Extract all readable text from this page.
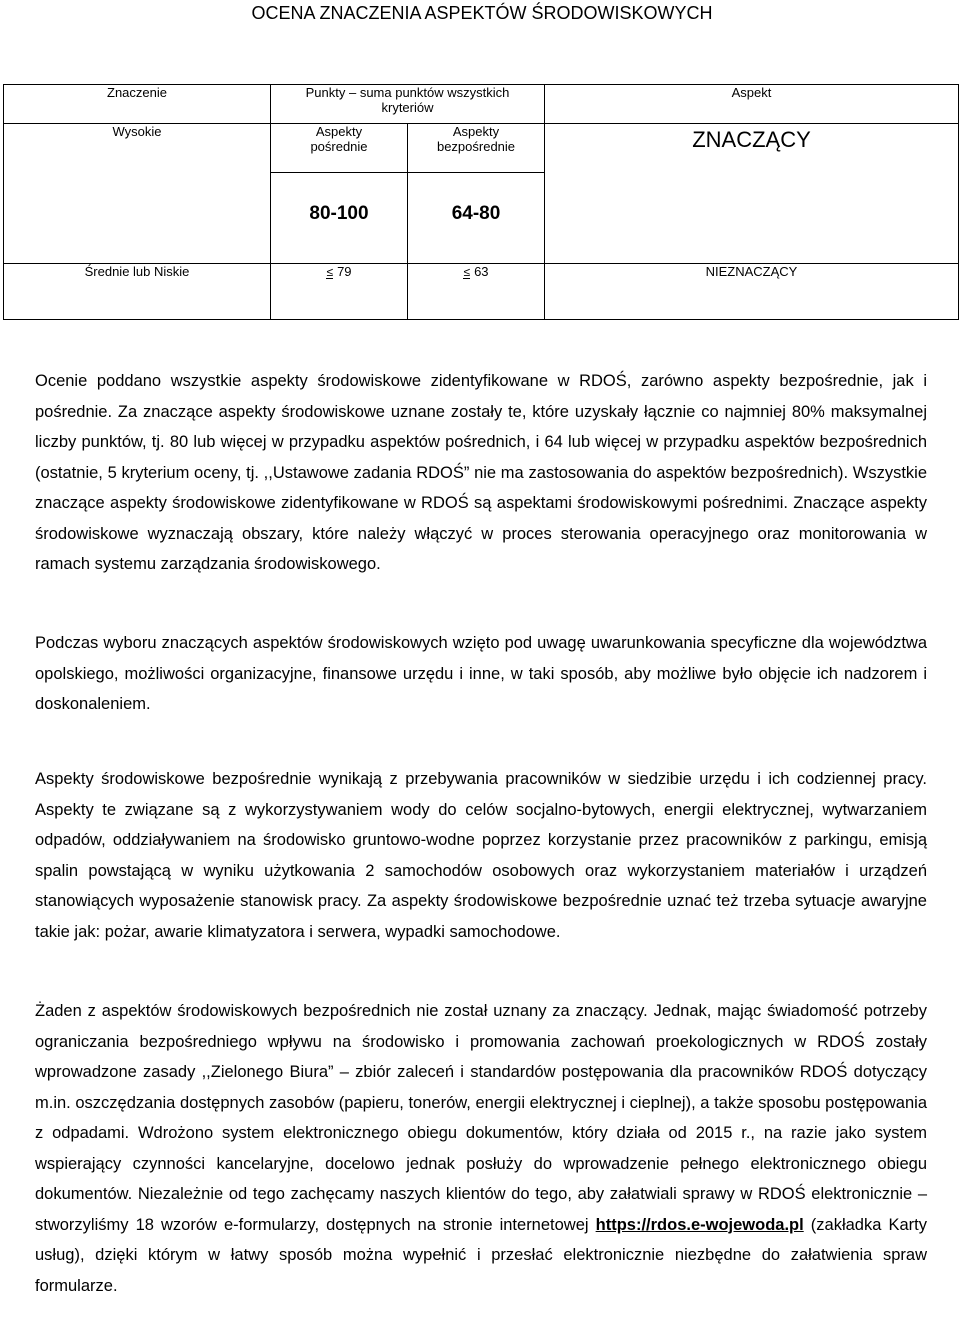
OCENA ZNACZENIA ASPEKTÓW ŚRODOWISKOWYCH
Znaczenie	Punkty – suma punktów wszystkich kryteriów		Aspekt
Wysokie	Aspekty pośrednie	Aspekty bezpośrednie	ZNACZĄCY

	80-100	64-80	

Średnie lub Niskie	≤ 79	≤ 63	NIEZNACZĄCY

Ocenie poddano wszystkie aspekty środowiskowe zidentyfikowane w RDOŚ, zarówno aspekty bezpośrednie, jak i pośrednie. Za znaczące aspekty środowiskowe uznane zostały te, które uzyskały łącznie co najmniej 80% maksymalnej liczby punktów, tj. 80 lub więcej w przypadku aspektów pośrednich, i 64 lub więcej w przypadku aspektów bezpośrednich (ostatnie, 5 kryterium oceny, tj. ,,Ustawowe zadania RDOŚ” nie ma zastosowania do aspektów bezpośrednich). Wszystkie znaczące aspekty środowiskowe zidentyfikowane w RDOŚ są aspektami środowiskowymi pośrednimi. Znaczące aspekty środowiskowe wyznaczają obszary, które należy włączyć w proces sterowania operacyjnego oraz monitorowania w ramach systemu zarządzania środowiskowego.

Podczas wyboru znaczących aspektów środowiskowych wzięto pod uwagę uwarunkowania specyficzne dla województwa opolskiego, możliwości organizacyjne, finansowe urzędu i inne, w taki sposób, aby możliwe było objęcie ich nadzorem i doskonaleniem.

Aspekty środowiskowe bezpośrednie wynikają z przebywania pracowników w siedzibie urzędu i ich codziennej pracy. Aspekty te związane są z wykorzystywaniem wody do celów socjalno-bytowych, energii elektrycznej, wytwarzaniem odpadów, oddziaływaniem na środowisko gruntowo-wodne poprzez korzystanie przez pracowników z parkingu, emisją spalin powstającą w wyniku użytkowania 2 samochodów osobowych oraz wykorzystaniem materiałów i urządzeń stanowiących wyposażenie stanowisk pracy. Za aspekty środowiskowe bezpośrednie uznać też trzeba sytuacje awaryjne takie jak: pożar, awarie klimatyzatora i serwera, wypadki samochodowe.

Żaden z aspektów środowiskowych bezpośrednich nie został uznany za znaczący. Jednak, mając świadomość potrzeby ograniczania bezpośredniego wpływu na środowisko i promowania zachowań proekologicznych w RDOŚ zostały wprowadzone zasady ,,Zielonego Biura” – zbiór zaleceń i standardów postępowania dla pracowników RDOŚ dotyczący m.in. oszczędzania dostępnych zasobów (papieru, tonerów, energii elektrycznej i cieplnej), a także sposobu postępowania z odpadami. Wdrożono system elektronicznego obiegu dokumentów, który działa od 2015 r., na razie jako system wspierający czynności kancelaryjne, docelowo jednak posłuży do wprowadzenie pełnego elektronicznego obiegu dokumentów. Niezależnie od tego zachęcamy naszych klientów do tego, aby załatwiali sprawy w RDOŚ elektronicznie – stworzyliśmy 18 wzorów e-formularzy, dostępnych na stronie internetowej https://rdos.e-wojewoda.pl (zakładka Karty usług), dzięki którym w łatwy sposób można wypełnić i przesłać elektronicznie niezbędne do załatwienia spraw formularze.
